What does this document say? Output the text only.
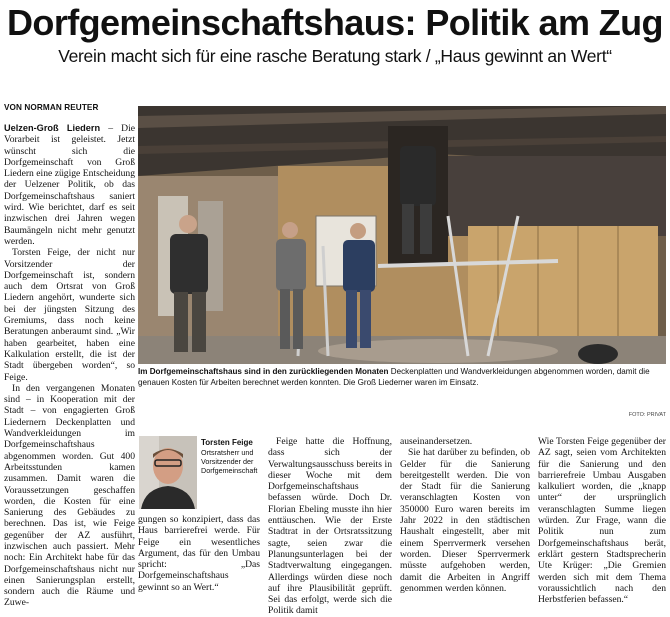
Dorfgemeinschaftshaus: Politik am Zug
Verein macht sich für eine rasche Beratung stark / „Haus gewinnt an Wert“
VON NORMAN REUTER

Uelzen-Groß Liedern – Die Vorarbeit ist geleistet. Jetzt wünscht sich die Dorfgemeinschaft von Groß Liedern eine zügige Entscheidung der Uelzener Politik, ob das Dorfgemeinschaftshaus saniert wird. Wie berichtet, darf es seit inzwischen drei Jahren wegen Baumängeln nicht mehr genutzt werden.

Torsten Feige, der nicht nur Vorsitzender der Dorfgemeinschaft ist, sondern auch dem Ortsrat von Groß Liedern angehört, wunderte sich bei der jüngsten Sitzung des Gremiums, dass noch keine Beratungen anberaumt sind. „Wir haben gearbeitet, haben eine Kalkulation erstellt, die ist der Stadt übergeben worden“, so Feige.

In den vergangenen Monaten sind – in Kooperation mit der Stadt – von engagierten Groß Liedernern Deckenplatten und Wandverkleidungen im Dorfgemeinschaftshaus abgenommen worden. Gut 400 Arbeitsstunden kamen zusammen. Damit waren die Voraussetzungen geschaffen worden, die Kosten für eine Sanierung des Gebäudes zu berechnen. Das ist, wie Feige gegenüber der AZ ausführt, inzwischen auch passiert. Mehr noch: Ein Architekt habe für das Dorfgemeinschaftshaus nicht nur einen Sanierungsplan erstellt, sondern auch die Räume und Zuwe-

Im Dorfgemeinschaftshaus sind in den zurückliegenden Monaten Deckenplatten und Wandverkleidungen abgenommen worden, damit die genauen Kosten für Arbeiten berechnet werden konnten. Die Groß Liederner waren im Einsatz.
FOTO: PRIVAT
Torsten Feige
Ortsratsherr und Vorsitzender der Dorfgemeinschaft

gungen so konzipiert, dass das Haus barrierefrei werde. Für Feige ein wesentliches Argument, das für den Umbau spricht: „Das Dorfgemeinschaftshaus gewinnt so an Wert.“

Feige hatte die Hoffnung, dass sich der Verwaltungsausschuss bereits in dieser Woche mit dem Dorfgemeinschaftshaus befassen würde. Doch Dr. Florian Ebeling musste ihn hier enttäuschen. Wie der Erste Stadtrat in der Ortsratssitzung sagte, seien zwar die Planungsunterlagen bei der Stadtverwaltung eingegangen. Allerdings würden diese noch auf ihre Plausibilität geprüft. Sei das erfolgt, werde sich die Politik damit

auseinandersetzen.

Sie hat darüber zu befinden, ob Gelder für die Sanierung bereitgestellt werden. Die von der Stadt für die Sanierung veranschlagten Kosten von 350000 Euro waren bereits im Jahr 2022 in den städtischen Haushalt eingestellt, aber mit einem Sperrvermerk versehen worden. Dieser Sperrvermerk müsste aufgehoben werden, damit die Arbeiten in Angriff genommen werden können.

Wie Torsten Feige gegenüber der AZ sagt, seien vom Architekten für die Sanierung und den barrierefreie Umbau Ausgaben kalkuliert worden, die „knapp unter“ der ursprünglich veranschlagten Summe liegen würden. Zur Frage, wann die Politik nun zum Dorfgemeinschaftshaus berät, erklärt gestern Stadtsprecherin Ute Krüger: „Die Gremien werden sich mit dem Thema voraussichtlich nach den Herbstferien befassen.“
